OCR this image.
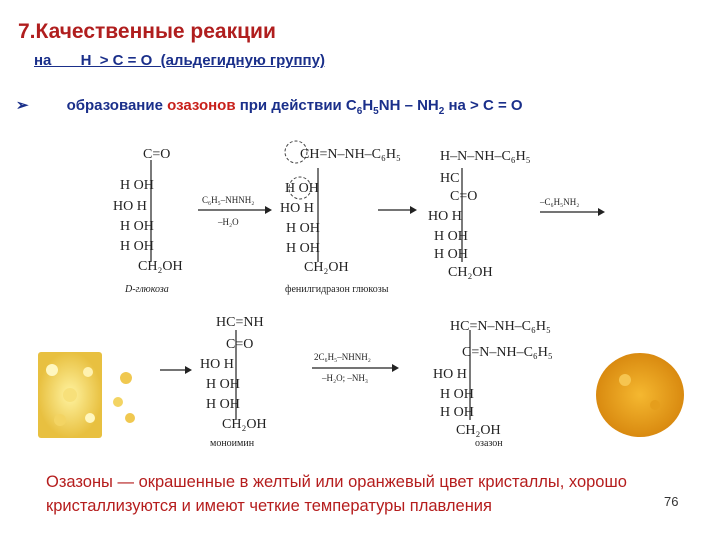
7.Качественные реакции
на       Н  > С = О  (альдегидную группу)
➢	образование озазонов при действии $C_6H_5NH - NH_2$ на > C = O
C=O
H OH
HO H
H OH
H OH
CH₂OH
D-глюкоза
C₆H₅–NHNH₂
–H₂O
CH=N–NH–C₆H₅
H OH
HO H
H OH
H OH
CH₂OH
фенилгидразон глюкозы
H–N–NH–C₆H₅
HC
C=O
HO H
H OH
H OH
CH₂OH
–C₆H₅NH₂
HC=NH
C=O
HO H
H OH
H OH
CH₂OH
моноимин
2C₆H₅–NHNH₂
–H₂O; –NH₃
HC=N–NH–C₆H₅
C=N–NH–C₆H₅
HO H
H OH
H OH
CH₂OH
озазон
Озазоны — окрашенные в желтый или оранжевый цвет кристаллы, хорошо кристаллизуются и имеют четкие температуры плавления	76
